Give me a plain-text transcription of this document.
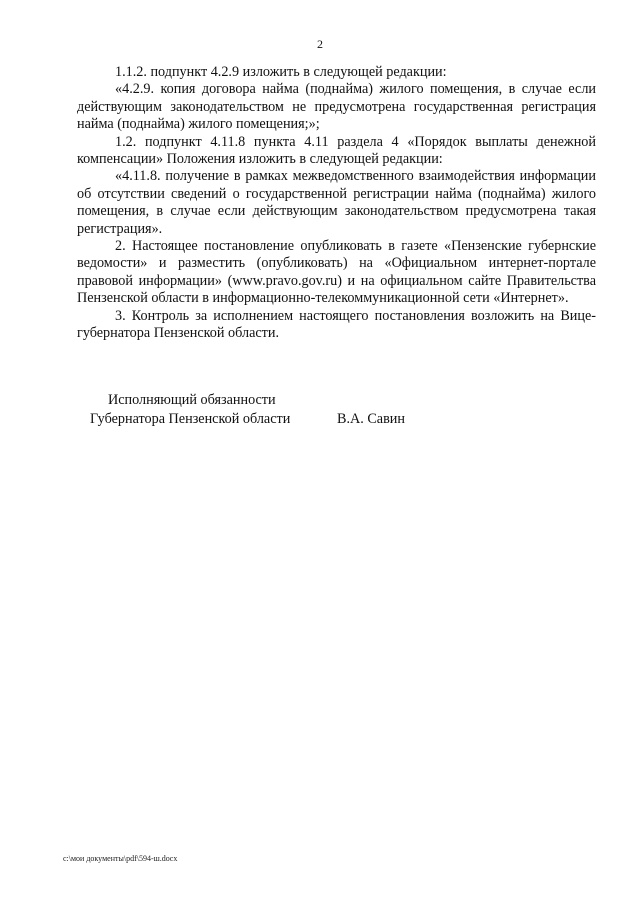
2

1.1.2. подпункт 4.2.9 изложить в следующей редакции:

«4.2.9. копия договора найма (поднайма) жилого помещения, в случае если действующим законодательством не предусмотрена государственная регистрация найма (поднайма) жилого помещения;»;

1.2. подпункт 4.11.8 пункта 4.11 раздела 4 «Порядок выплаты денежной компенсации» Положения изложить в следующей редакции:

«4.11.8. получение в рамках межведомственного взаимодействия информации об отсутствии сведений о государственной регистрации найма (поднайма) жилого помещения, в случае если действующим законодательством предусмотрена такая регистрация».

2. Настоящее постановление опубликовать в газете «Пензенские губернские ведомости» и разместить (опубликовать) на «Официальном интернет-портале правовой информации» (www.pravo.gov.ru) и на официальном сайте Правительства Пензенской области в информационно-телекоммуникационной сети «Интернет».

3. Контроль за исполнением настоящего постановления возложить на Вице-губернатора Пензенской области.

Исполняющий обязанности
Губернатора Пензенской области	В.А. Савин
c:\мои документы\pdf\594-ш.docx
